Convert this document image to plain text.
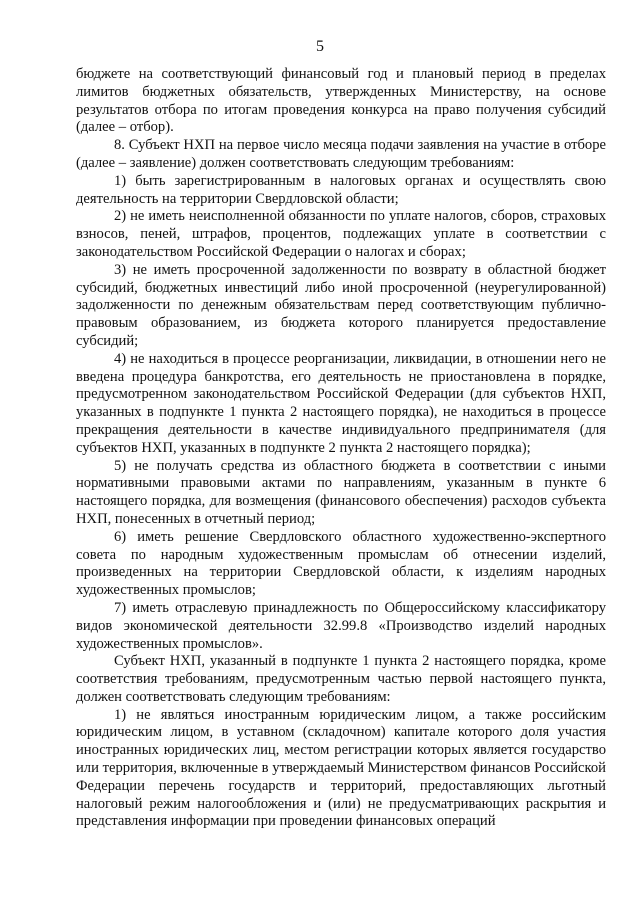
5

бюджете на соответствующий финансовый год и плановый период в пределах лимитов бюджетных обязательств, утвержденных Министерству, на основе результатов отбора по итогам проведения конкурса на право получения субсидий (далее – отбор).

8. Субъект НХП на первое число месяца подачи заявления на участие в отборе (далее – заявление) должен соответствовать следующим требованиям:

1) быть зарегистрированным в налоговых органах и осуществлять свою деятельность на территории Свердловской области;

2) не иметь неисполненной обязанности по уплате налогов, сборов, страховых взносов, пеней, штрафов, процентов, подлежащих уплате в соответствии с законодательством Российской Федерации о налогах и сборах;

3) не иметь просроченной задолженности по возврату в областной бюджет субсидий, бюджетных инвестиций либо иной просроченной (неурегулированной) задолженности по денежным обязательствам перед соответствующим публично-правовым образованием, из бюджета которого планируется предоставление субсидий;

4) не находиться в процессе реорганизации, ликвидации, в отношении него не введена процедура банкротства, его деятельность не приостановлена в порядке, предусмотренном законодательством Российской Федерации (для субъектов НХП, указанных в подпункте 1 пункта 2 настоящего порядка), не находиться в процессе прекращения деятельности в качестве индивидуального предпринимателя (для субъектов НХП, указанных в подпункте 2 пункта 2 настоящего порядка);

5) не получать средства из областного бюджета в соответствии с иными нормативными правовыми актами по направлениям, указанным в пункте 6 настоящего порядка, для возмещения (финансового обеспечения) расходов субъекта НХП, понесенных в отчетный период;

6) иметь решение Свердловского областного художественно-экспертного совета по народным художественным промыслам об отнесении изделий, произведенных на территории Свердловской области, к изделиям народных художественных промыслов;

7) иметь отраслевую принадлежность по Общероссийскому классификатору видов экономической деятельности 32.99.8 «Производство изделий народных художественных промыслов».

Субъект НХП, указанный в подпункте 1 пункта 2 настоящего порядка, кроме соответствия требованиям, предусмотренным частью первой настоящего пункта, должен соответствовать следующим требованиям:

1) не являться иностранным юридическим лицом, а также российским юридическим лицом, в уставном (складочном) капитале которого доля участия иностранных юридических лиц, местом регистрации которых является государство или территория, включенные в утверждаемый Министерством финансов Российской Федерации перечень государств и территорий, предоставляющих льготный налоговый режим налогообложения и (или) не предусматривающих раскрытия и представления информации при проведении финансовых операций
